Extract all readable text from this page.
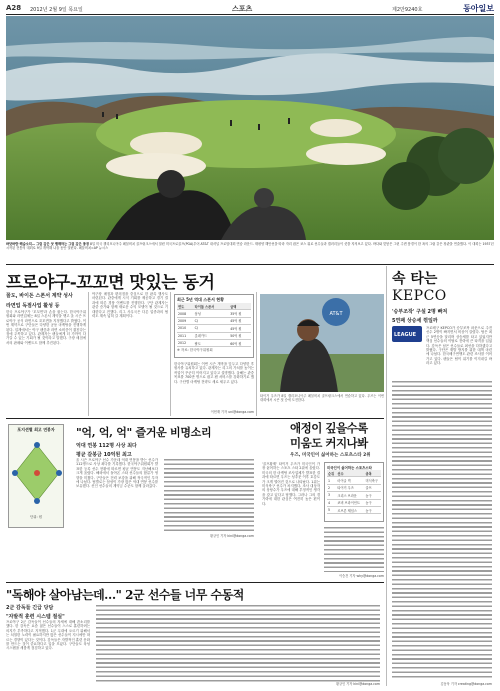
A28 2012년 2월 9일 목요일	스포츠	제2만9240호	동아일보
바닷바람·해숨소리… 그림 같은 샷 행해하는 그림 같은 풍경 8일 미국 캘리포니아주 페블비치 골프링크스에서 열린 미국프로골프(PGA)투어 AT&T 내셔널 프로암대회 연습 라운드. 태평양 해안선을 따라 자리 잡은 코스 위로 선수들과 갤러리들이 샷을 지켜보고 있다. 바다와 맞닿은 그린 주변 풍경이 한 폭의 그림 같은 장관을 연출했다. 이 대회는 1937년 시작된 전통의 대회로 9일 개막해 나흘 동안 열린다. 페블비치=AP 뉴시스
프로야구-꼬꼬면 맛있는 동거
꼴도, 바이돈 스폰서 계약 성사
라면업 독점사업 활성 등
한국 프로야구가 '꼬꼬면'과 손을 잡는다. 한국야구위원회와 라면업체는 8일 스폰서 계약을 맺고 올 시즌 프로야구 공식 라면으로 꼬꼬면을 지정했다고 밝혔다. 이번 계약으로 구단들은 다양한 공동 마케팅을 진행하게 된다. 업계에서는 야구 팬층과 라면 소비층이 겹친다는 점에 주목하고 있다. 관계자는 팬들에게 더 가까이 다가갈 수 있는 기회가 될 것이라고 말했다. 구장 매점에서의 판매와 이벤트도 함께 추진된다.
야구장 매점과 편의점을 중심으로 한 판촉 행사도 마련된다. 관중에게 시식 기회를 제공하고 경기 결과에 따른 경품 이벤트를 진행한다. 구단 관계자는 관중 증가와 함께 새로운 수익 모델이 될 것으로 기대한다고 전했다. 리그 사무국은 다른 업종과의 협력도 계속 넓혀 갈 계획이다.
최근 5년 역대 스폰서 현황
연도	타이틀 스폰서	금액
2008	삼성	35억 원
2009	CJ	45억 원
2010	CJ	45억 원
2011	롯데카드	50억 원
2012	팔도	60억 원
※ 자료: 한국야구위원회
한국야구위원회는 이번 시즌 개막을 앞두고 다양한 후원사를 유치하고 있다. 관계자는 리그의 가치를 높이는 작업이 꾸준히 이어지고 있다고 설명했다. 올해는 관중 목표를 700만 명으로 잡고 팬 서비스를 강화하기로 했다. 구단별 마케팅 전략도 새로 세우고 있다.
이헌재 기자 uni@donga.com
AT&T
타이거 우즈가 8일 캘리포니아주 페블비치 골프링크스에서 연습하고 있다. 우즈는 이번 대회에서 시즌 첫 승에 도전한다.
속 타는
KEPCO
'승부조작' 구설 2명 빠져
5연패 상승세 꺾일까
LEAGUE
프로배구 KEPCO가 승부조작 파문으로 주전 선수 2명이 빠지면서 비상이 걸렸다. 팀은 최근 5연승을 달리며 상승세를 타고 있었지만 핵심 선수들의 이탈로 전력에 큰 타격을 입었다. 감독은 남은 선수들로 최선을 다하겠다고 밝혔다. 구단은 재발 방지를 위한 대책 마련에 나섰다. 한국배구연맹도 관련 조사를 이어가고 있다. 팬들은 팀이 위기를 이겨내길 바라고 있다.
김동욱 기자 creating@donga.com
포지션별 최고 연봉자
단위: 원
"억, 억, 억" 즐거운 비명소리
억대 연봉 112명 사상 최다
평균 갈봉금 10억원 최고
올 시즌 프로야구 선수 가운데 억대 연봉을 받는 선수가 112명으로 사상 최다를 기록했다. 한국야구위원회가 발표한 등록 선수 현황에 따르면 평균 연봉도 지난해보다 크게 올랐다. 해외에서 돌아온 스타 선수들의 합류가 영향을 미쳤다. 구단들은 전력 보강을 위해 적극적인 투자에 나섰다. 팀별로는 삼성이 가장 많은 억대 연봉 선수를 보유했다. 신인 선수들의 계약금 수준도 함께 올라갔다.
황규인 기자 kini@donga.com
애정이 깊을수록
미움도 커지나봐
우즈, 미국인이 싫어하는 스포츠스타 2위
'골프황제' 타이거 우즈가 미국인이 가장 싫어하는 스포츠 스타 2위에 올랐다. 미국의 한 마케팅 조사업체가 발표한 결과에 따르면 우즈는 성추문 이후 호감도가 크게 떨어진 것으로 나타났다. 1위는 미식축구 선수가 차지했다. 조사 대상자의 상당수가 우즈에 대해 부정적인 생각을 갖고 있다고 답했다. 그러나 그의 경기력에 대한 관심은 여전히 높은 편이다.
미국인이 싫어하는 스포츠스타
순위	선수	종목
1	마이클 빅	미식축구
2	타이거 우즈	골프
3	크리스 브라운	농구
4	코비 브라이언트	농구
5	르브론 제임스	농구
이승건 기자 why@donga.com
"독해야 살아남는데…" 2군 선수들 너무 수동적
2군 감독들 긴급 당담
"자발적 훈련 시스템 절실"
프로야구 2군 감독들이 선수들의 자세에 대해 쓴소리를 했다. 한 감독은 요즘 젊은 선수들이 스스로 훈련하려는 의지가 부족하다고 지적했다. 1군 무대에 오르기 위해서는 치열한 노력이 필요하지만 많은 선수들이 지시에만 따르는 경향이 있다는 것이다. 감독들은 자발적인 훈련 문화를 만드는 것이 중요하다고 입을 모았다. 구단들도 육성 시스템을 새롭게 점검하고 있다.
황규인 기자 kini@donga.com
